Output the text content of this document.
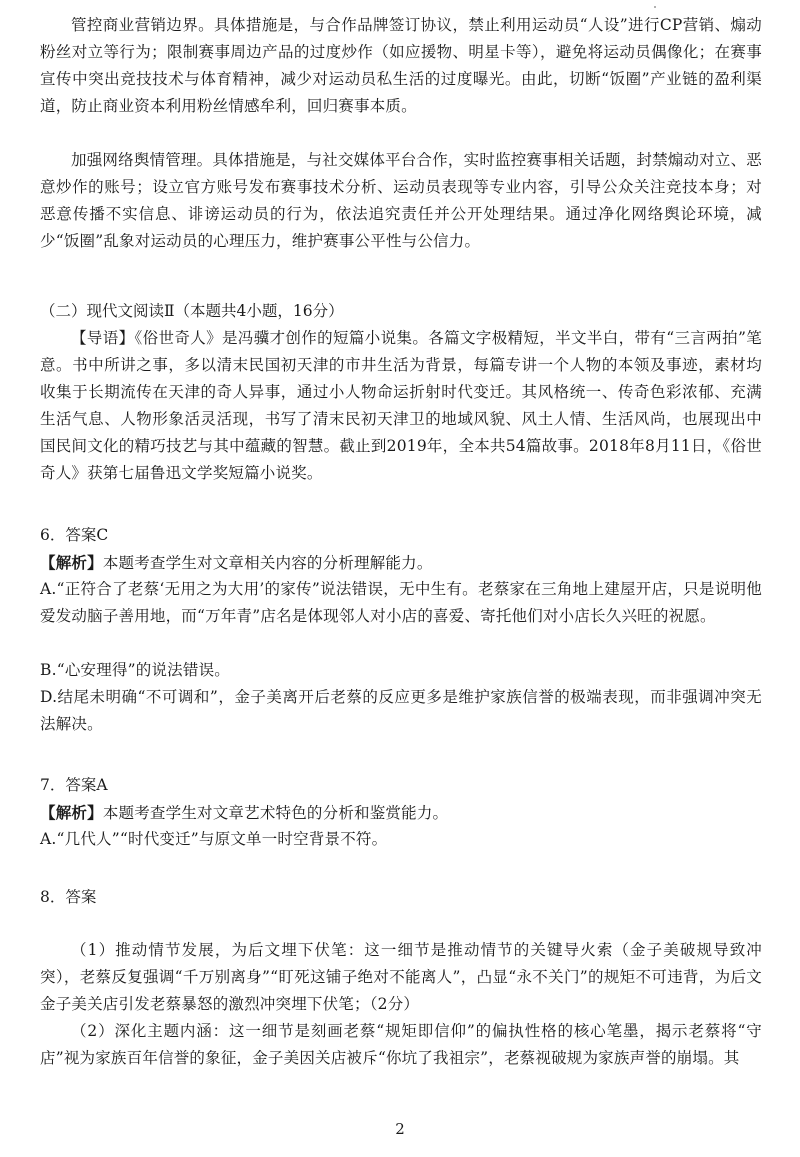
管控商业营销边界。具体措施是，与合作品牌签订协议，禁止利用运动员“人设”进行CP营销、煽动粉丝对立等行为；限制赛事周边产品的过度炒作（如应援物、明星卡等），避免将运动员偶像化；在赛事宣传中突出竞技技术与体育精神，减少对运动员私生活的过度曝光。由此，切断“饭圈”产业链的盈利渠道，防止商业资本利用粉丝情感牟利，回归赛事本质。
加强网络舆情管理。具体措施是，与社交媒体平台合作，实时监控赛事相关话题，封禁煽动对立、恶意炒作的账号；设立官方账号发布赛事技术分析、运动员表现等专业内容，引导公众关注竞技本身；对恶意传播不实信息、诽谤运动员的行为，依法追究责任并公开处理结果。通过净化网络舆论环境，减少“饭圈”乱象对运动员的心理压力，维护赛事公平性与公信力。
（二）现代文阅读Ⅱ（本题共4小题，16分）
【导语】《俗世奇人》是冯骥才创作的短篇小说集。各篇文字极精短，半文半白，带有“三言两拍”笔意。书中所讲之事，多以清末民国初天津的市井生活为背景，每篇专讲一个人物的本领及事迹，素材均收集于长期流传在天津的奇人异事，通过小人物命运折射时代变迁。其风格统一、传奇色彩浓郁、充满生活气息、人物形象活灵活现，书写了清末民初天津卫的地域风貌、风土人情、生活风尚，也展现出中国民间文化的精巧技艺与其中蕴藏的智慧。截止到2019年，全本共54篇故事。2018年8月11日，《俗世奇人》获第七届鲁迅文学奖短篇小说奖。
6．答案C
【解析】本题考查学生对文章相关内容的分析理解能力。
A.“正符合了老蔡‘无用之为大用’的家传”说法错误，无中生有。老蔡家在三角地上建屋开店，只是说明他爱发动脑子善用地，而“万年青”店名是体现邻人对小店的喜爱、寄托他们对小店长久兴旺的祝愿。
B.“心安理得”的说法错误。
D.结尾未明确“不可调和”，金子美离开后老蔡的反应更多是维护家族信誉的极端表现，而非强调冲突无法解决。
7．答案A
【解析】本题考查学生对文章艺术特色的分析和鉴赏能力。
A.“几代人”“时代变迁”与原文单一时空背景不符。
8．答案
（1）推动情节发展，为后文埋下伏笔：这一细节是推动情节的关键导火索（金子美破规导致冲突），老蔡反复强调“千万别离身”“盯死这铺子绝对不能离人”，凸显“永不关门”的规矩不可违背，为后文金子美关店引发老蔡暴怒的激烈冲突埋下伏笔；（2分）
（2）深化主题内涵：这一细节是刻画老蔡“规矩即信仰”的偏执性格的核心笔墨，揭示老蔡将“守店”视为家族百年信誉的象征，金子美因关店被斥“你坑了我祖宗”，老蔡视破规为家族声誉的崩塌。其
2
